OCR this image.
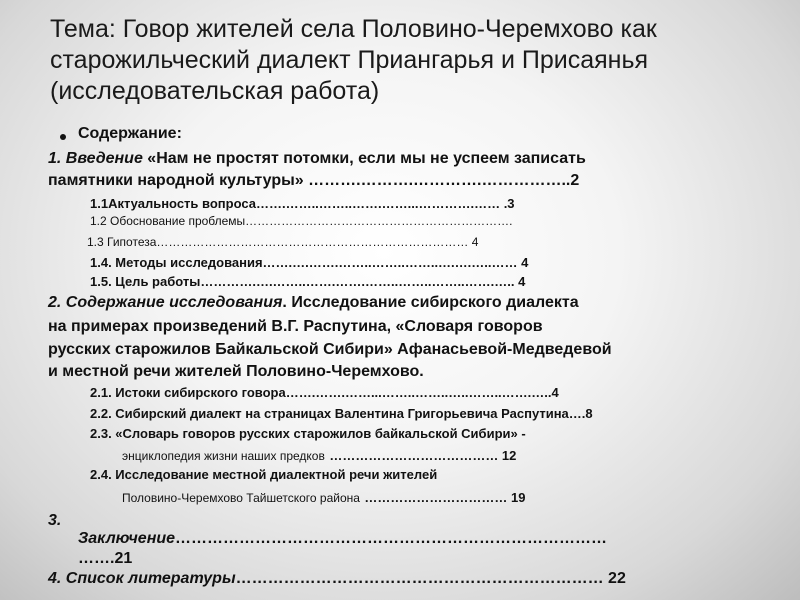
Тема: Говор жителей села Половино-Черемхово как
старожильческий диалект Приангарья и Присаянья
(исследовательская работа)
Содержание:
1. Введение «Нам не простят потомки, если мы не успеем записать
памятники народной культуры» ……….……….………….……………..2
1.1Актуальность вопроса…….……..……..…….……...………….…… .3
1.2 Обоснование проблемы………………………………………………………….
1.3 Гипотеза…………………………………………………………………… 4
1.4. Методы исследования…….….…….……..……..……..….….…..…… 4
1.5. Цель работы………….….……..…….…….……..……..……..…….….. 4
2. Содержание исследования. Исследование сибирского диалекта
на примерах произведений В.Г. Распутина, «Словаря говоров
русских старожилов Байкальской Сибири» Афанасьевой-Медведевой
и местной речи жителей Половино-Черемхово.
2.1. Истоки сибирского говора…….…….……...……..……..…..……..…….…..4
2.2. Сибирский диалект на страницах Валентина Григорьевича Распутина….8
2.3. «Словарь говоров русских старожилов байкальской Сибири» -
энциклопедия жизни наших предков ………………………………… 12
2.4. Исследование местной диалектной речи жителей
Половино-Черемхово Тайшетского района …………………………… 19
3.
Заключение………………………………………………………………………
…….21
4. Список литературы…………………………………………………………… 22
